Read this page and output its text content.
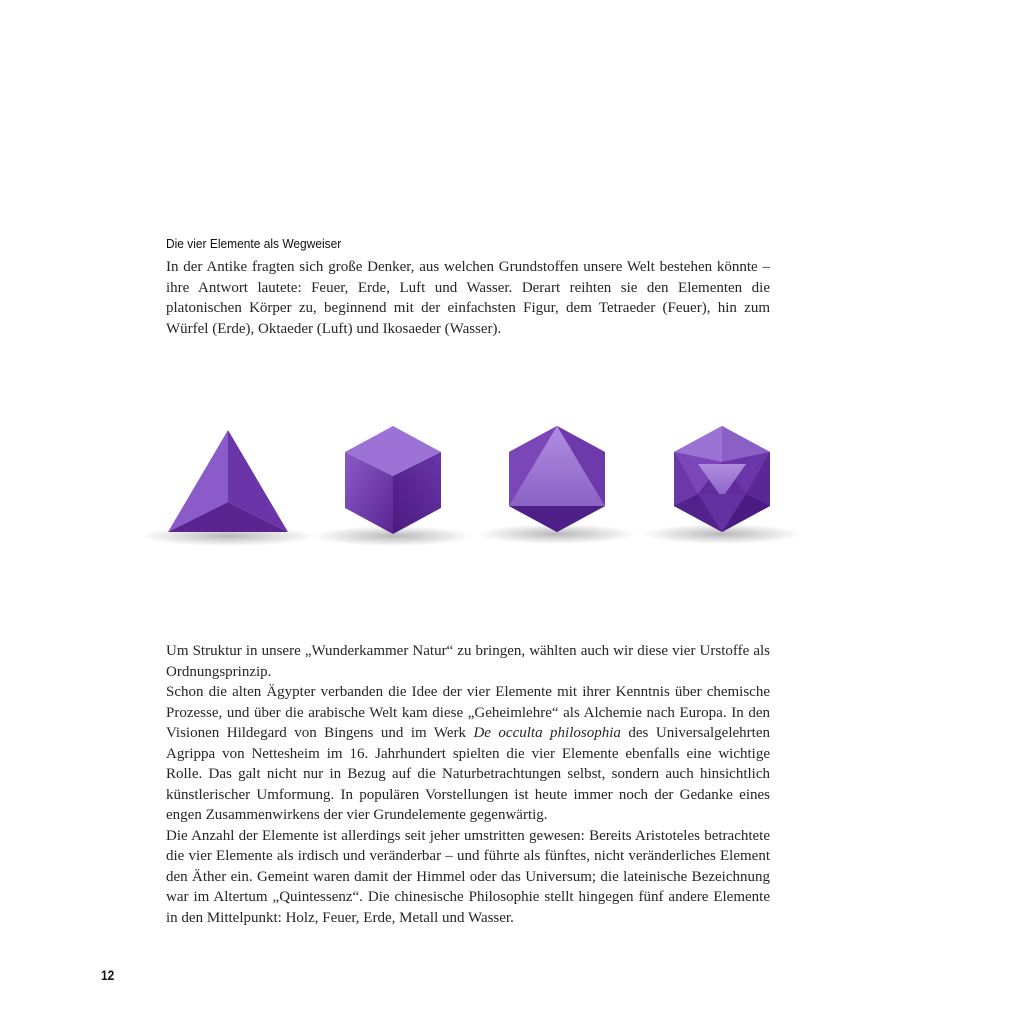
Die vier Elemente als Wegweiser

In der Antike fragten sich große Denker, aus welchen Grundstoffen unsere Welt bestehen könnte – ihre Antwort lautete: Feuer, Erde, Luft und Wasser. Derart reihten sie den Elementen die platonischen Körper zu, beginnend mit der einfachsten Figur, dem Tetraeder (Feuer), hin zum Würfel (Erde), Oktaeder (Luft) und Ikosaeder (Wasser).

Um Struktur in unsere „Wunderkammer Natur“ zu bringen, wählten auch wir diese vier Urstoffe als Ordnungsprinzip.

Schon die alten Ägypter verbanden die Idee der vier Elemente mit ihrer Kenntnis über chemische Prozesse, und über die arabische Welt kam diese „Geheimlehre“ als Alchemie nach Europa. In den Visionen Hildegard von Bingens und im Werk De occulta philosophia des Universalgelehrten Agrippa von Nettesheim im 16. Jahrhundert spielten die vier Elemente ebenfalls eine wichtige Rolle. Das galt nicht nur in Bezug auf die Naturbetrachtungen selbst, sondern auch hinsichtlich künstlerischer Umformung. In populären Vorstellungen ist heute immer noch der Gedanke eines engen Zusammenwirkens der vier Grundelemente gegenwärtig.

Die Anzahl der Elemente ist allerdings seit jeher umstritten gewesen: Bereits Aristoteles betrachtete die vier Elemente als irdisch und veränderbar – und führte als fünftes, nicht veränderliches Element den Äther ein. Gemeint waren damit der Himmel oder das Universum; die lateinische Bezeichnung war im Altertum „Quintessenz“. Die chinesische Philosophie stellt hingegen fünf andere Elemente in den Mittelpunkt: Holz, Feuer, Erde, Metall und Wasser.

12
